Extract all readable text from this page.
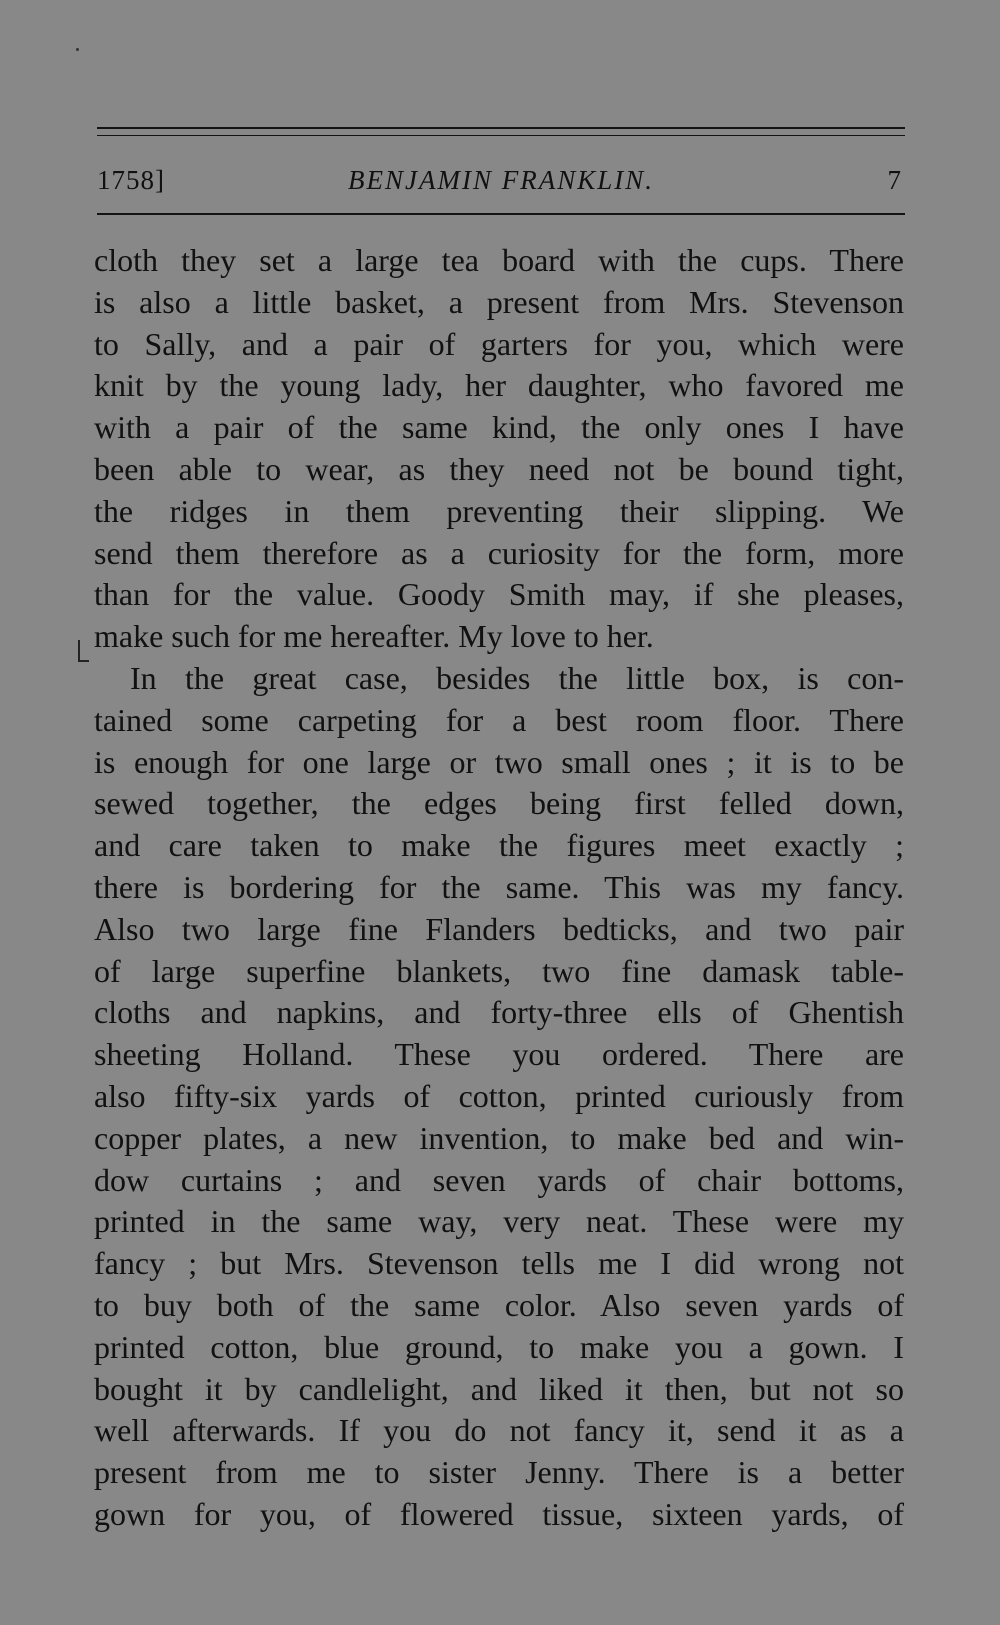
1758]	BENJAMIN FRANKLIN.	7
cloth they set a large tea board with the cups. There
is also a little basket, a present from Mrs. Stevenson
to Sally, and a pair of garters for you, which were
knit by the young lady, her daughter, who favored me
with a pair of the same kind, the only ones I have
been able to wear, as they need not be bound tight,
the ridges in them preventing their slipping. We
send them therefore as a curiosity for the form, more
than for the value. Goody Smith may, if she pleases,
make such for me hereafter. My love to her.
In the great case, besides the little box, is con-
tained some carpeting for a best room floor. There
is enough for one large or two small ones ; it is to be
sewed together, the edges being first felled down,
and care taken to make the figures meet exactly ;
there is bordering for the same. This was my fancy.
Also two large fine Flanders bedticks, and two pair
of large superfine blankets, two fine damask table-
cloths and napkins, and forty-three ells of Ghentish
sheeting Holland. These you ordered. There are
also fifty-six yards of cotton, printed curiously from
copper plates, a new invention, to make bed and win-
dow curtains ; and seven yards of chair bottoms,
printed in the same way, very neat. These were my
fancy ; but Mrs. Stevenson tells me I did wrong not
to buy both of the same color. Also seven yards of
printed cotton, blue ground, to make you a gown. I
bought it by candlelight, and liked it then, but not so
well afterwards. If you do not fancy it, send it as a
present from me to sister Jenny. There is a better
gown for you, of flowered tissue, sixteen yards, of
